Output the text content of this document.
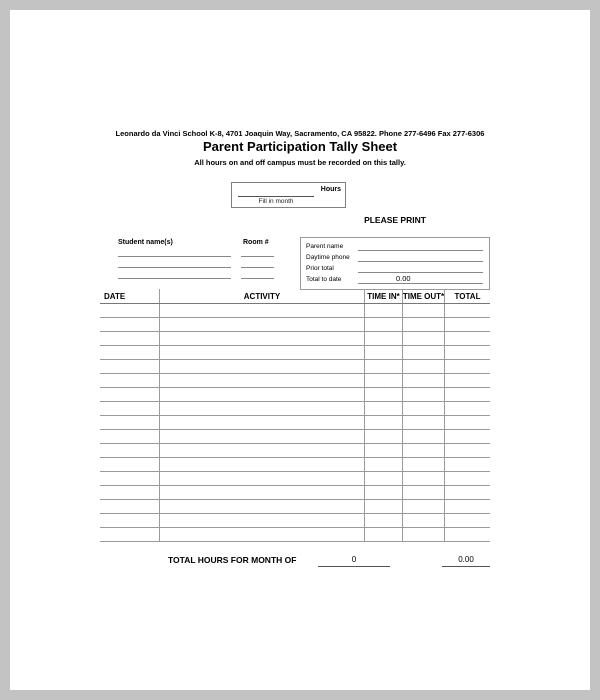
Leonardo da Vinci School K-8, 4701 Joaquin Way, Sacramento, CA 95822. Phone 277-6496 Fax 277-6306
Parent Participation Tally Sheet
All hours on and off campus must be recorded on this tally.
Hours
Fill in month
PLEASE PRINT
Student name(s)	Room #
Parent name
Daytime phone
Prior total
Total to date	0.00
DATE	ACTIVITY	TIME IN* TIME OUT*	TOTAL
TOTAL HOURS FOR MONTH OF	0	0.00
